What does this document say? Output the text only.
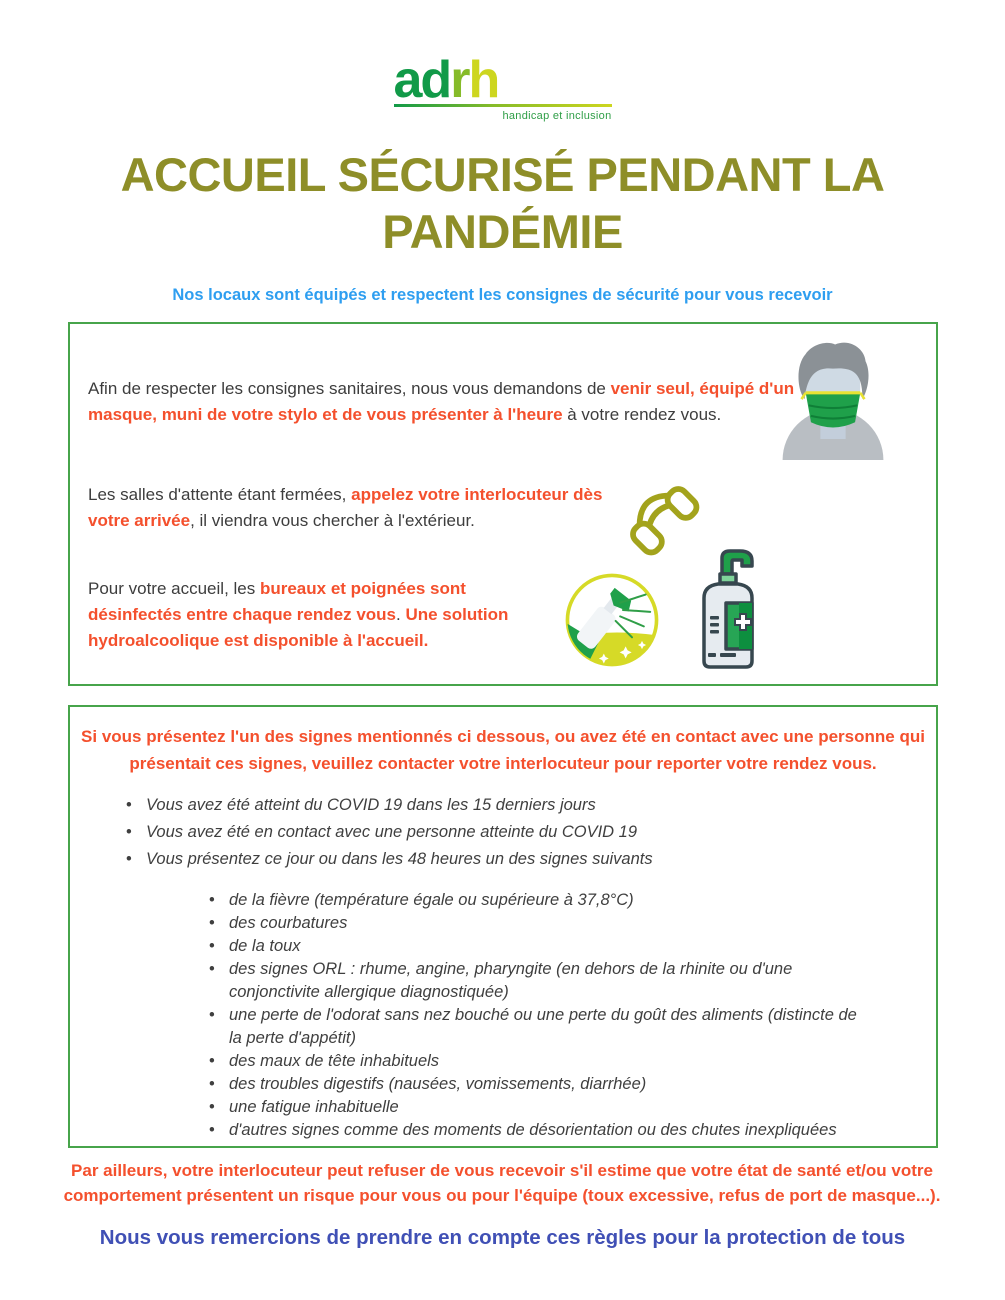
adrh
handicap et inclusion
ACCUEIL SÉCURISÉ PENDANT LA PANDÉMIE

Nos locaux sont équipés et respectent les consignes de sécurité pour vous recevoir

Afin de respecter les consignes sanitaires, nous vous demandons de venir seul, équipé d'un masque, muni de votre stylo et de vous présenter à l'heure à votre rendez vous.

Les salles d'attente étant fermées, appelez votre interlocuteur dès votre arrivée, il viendra vous chercher à l'extérieur.

Pour votre accueil, les bureaux et poignées sont désinfectés entre chaque rendez vous. Une solution hydroalcoolique est disponible à l'accueil.

Si vous présentez l'un des signes mentionnés ci dessous, ou avez été en contact avec une personne qui présentait ces signes, veuillez contacter votre interlocuteur pour reporter votre rendez vous.

• Vous avez été atteint du COVID 19 dans les 15 derniers jours
• Vous avez été en contact avec une personne atteinte du COVID 19
• Vous présentez ce jour ou dans les 48 heures un des signes suivants
• de la fièvre (température égale ou supérieure à 37,8°C)
• des courbatures
• de la toux
• des signes ORL : rhume, angine, pharyngite (en dehors de la rhinite ou d'une conjonctivite allergique diagnostiquée)
• une perte de l'odorat sans nez bouché ou une perte du goût des aliments (distincte de la perte d'appétit)
• des maux de tête inhabituels
• des troubles digestifs (nausées, vomissements, diarrhée)
• une fatigue inhabituelle
• d'autres signes comme des moments de désorientation ou des chutes inexpliquées

Par ailleurs, votre interlocuteur peut refuser de vous recevoir s'il estime que votre état de santé et/ou votre comportement présentent un risque pour vous ou pour l'équipe (toux excessive, refus de port de masque...).

Nous vous remercions de prendre en compte ces règles pour la protection de tous
